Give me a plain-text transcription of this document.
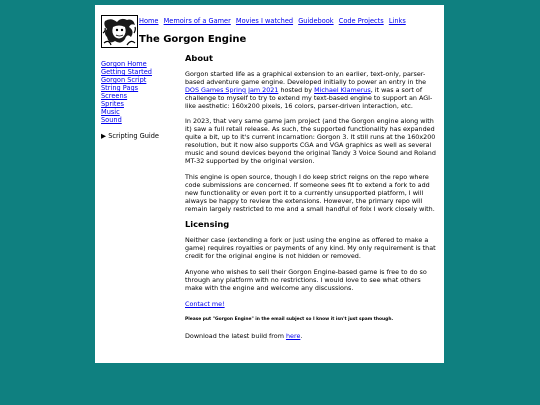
Home Memoirs of a Gamer Movies I watched Guidebook Code Projects Links
The Gorgon Engine
Gorgon Home
Getting Started
Gorgon Script
String Pags
Screens
Sprites
Music
Sound
▶ Scripting Guide
About

Gorgon started life as a graphical extension to an earlier, text-only, parser-based adventure game engine. Developed initially to power an entry in the DOS Games Spring Jam 2021 hosted by Michael Klamerus, it was a sort of challenge to myself to try to extend my text-based engine to support an AGI-like aesthetic: 160x200 pixels, 16 colors, parser-driven interaction, etc.

In 2023, that very same game jam project (and the Gorgon engine along with it) saw a full retail release. As such, the supported functionality has expanded quite a bit, up to it's current incarnation: Gorgon 3. It still runs at the 160x200 resolution, but it now also supports CGA and VGA graphics as well as several music and sound devices beyond the original Tandy 3 Voice Sound and Roland MT-32 supported by the original version.

This engine is open source, though I do keep strict reigns on the repo where code submissions are concerned. If someone sees fit to extend a fork to add new functionality or even port it to a currently unsupported platform, I will always be happy to review the extensions. However, the primary repo will remain largely restricted to me and a small handful of folx I work closely with.

Licensing

Neither case (extending a fork or just using the engine as offered to make a game) requires royalties or payments of any kind. My only requirement is that credit for the original engine is not hidden or removed.

Anyone who wishes to sell their Gorgon Engine-based game is free to do so through any platform with no restrictions. I would love to see what others make with the engine and welcome any discussions.

Contact me!

Please put "Gorgon Engine" in the email subject so I know it isn't just spam though.

Download the latest build from here.
